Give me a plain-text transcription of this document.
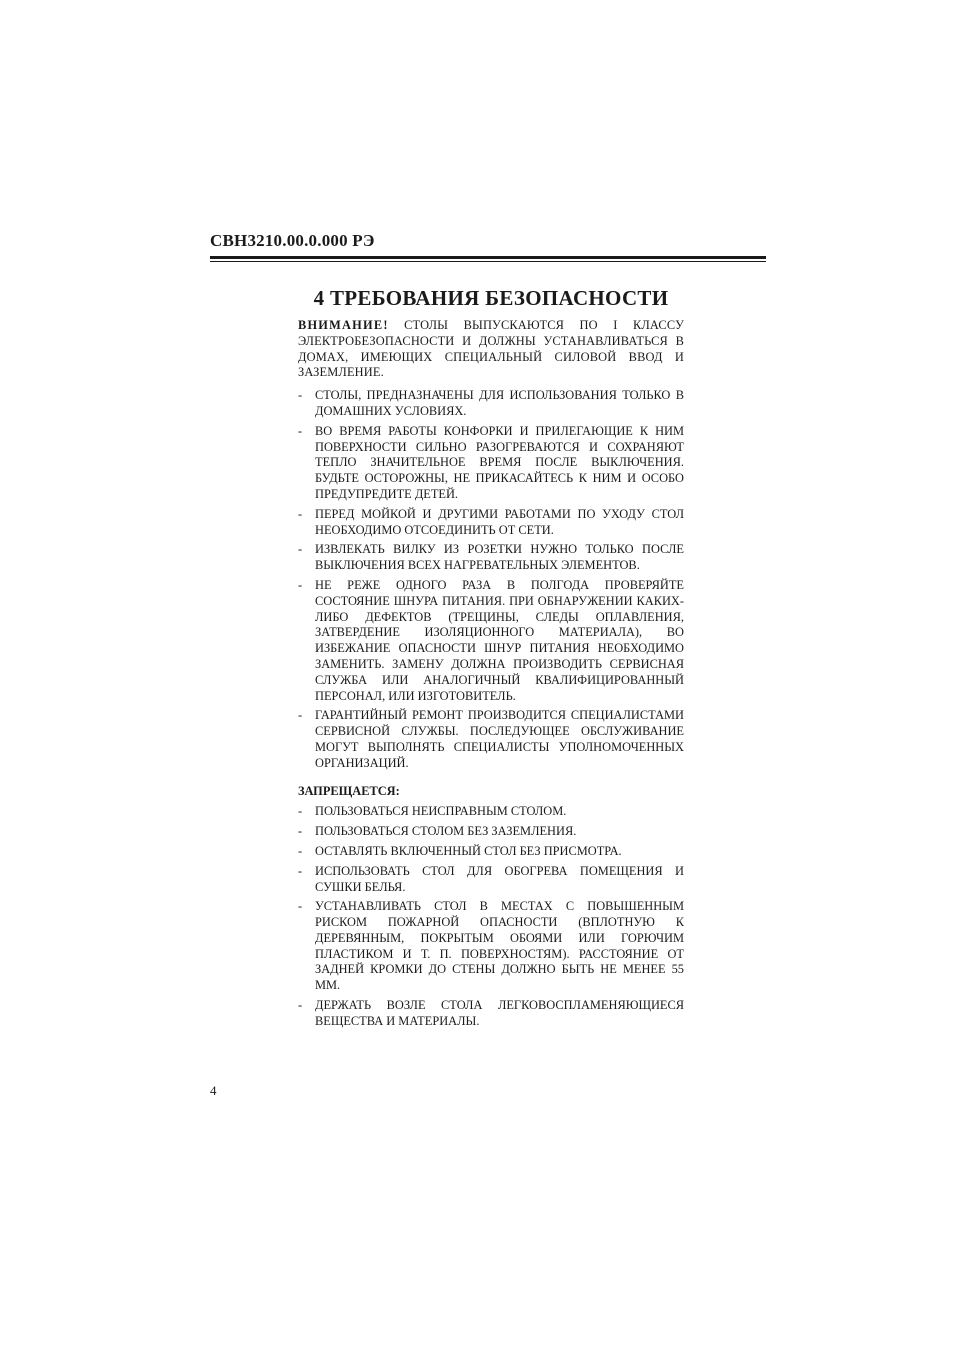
СВН3210.00.0.000 РЭ
4 ТРЕБОВАНИЯ БЕЗОПАСНОСТИ

ВНИМАНИЕ! СТОЛЫ ВЫПУСКАЮТСЯ ПО I КЛАССУ ЭЛЕКТРОБЕЗОПАСНОСТИ И ДОЛЖНЫ УСТАНАВЛИВАТЬСЯ В ДОМАХ, ИМЕЮЩИХ СПЕЦИАЛЬНЫЙ СИЛОВОЙ ВВОД И ЗАЗЕМЛЕНИЕ.

- СТОЛЫ, ПРЕДНАЗНАЧЕНЫ ДЛЯ ИСПОЛЬЗОВАНИЯ ТОЛЬКО В ДОМАШНИХ УСЛОВИЯХ.
- ВО ВРЕМЯ РАБОТЫ КОНФОРКИ И ПРИЛЕГАЮЩИЕ К НИМ ПОВЕРХНОСТИ СИЛЬНО РАЗОГРЕВАЮТСЯ И СОХРАНЯЮТ ТЕПЛО ЗНАЧИТЕЛЬНОЕ ВРЕМЯ ПОСЛЕ ВЫКЛЮЧЕНИЯ. БУДЬТЕ ОСТОРОЖНЫ, НЕ ПРИКАСАЙТЕСЬ К НИМ И ОСОБО ПРЕДУПРЕДИТЕ ДЕТЕЙ.
- ПЕРЕД МОЙКОЙ И ДРУГИМИ РАБОТАМИ ПО УХОДУ СТОЛ НЕОБХОДИМО ОТСОЕДИНИТЬ ОТ СЕТИ.
- ИЗВЛЕКАТЬ ВИЛКУ ИЗ РОЗЕТКИ НУЖНО ТОЛЬКО ПОСЛЕ ВЫКЛЮЧЕНИЯ ВСЕХ НАГРЕВАТЕЛЬНЫХ ЭЛЕМЕНТОВ.
- НЕ РЕЖЕ ОДНОГО РАЗА В ПОЛГОДА ПРОВЕРЯЙТЕ СОСТОЯНИЕ ШНУРА ПИТАНИЯ. ПРИ ОБНАРУЖЕНИИ КАКИХ-ЛИБО ДЕФЕКТОВ (ТРЕЩИНЫ, СЛЕДЫ ОПЛАВЛЕНИЯ, ЗАТВЕРДЕНИЕ ИЗОЛЯЦИОННОГО МАТЕРИАЛА), ВО ИЗБЕЖАНИЕ ОПАСНОСТИ ШНУР ПИТАНИЯ НЕОБХОДИМО ЗАМЕНИТЬ. ЗАМЕНУ ДОЛЖНА ПРОИЗВОДИТЬ СЕРВИСНАЯ СЛУЖБА ИЛИ АНАЛОГИЧНЫЙ КВАЛИФИЦИРОВАННЫЙ ПЕРСОНАЛ, ИЛИ ИЗГОТОВИТЕЛЬ.
- ГАРАНТИЙНЫЙ РЕМОНТ ПРОИЗВОДИТСЯ СПЕЦИАЛИСТАМИ СЕРВИСНОЙ СЛУЖБЫ. ПОСЛЕДУЮЩЕЕ ОБСЛУЖИВАНИЕ МОГУТ ВЫПОЛНЯТЬ СПЕЦИАЛИСТЫ УПОЛНОМОЧЕННЫХ ОРГАНИЗАЦИЙ.
ЗАПРЕЩАЕТСЯ:
- ПОЛЬЗОВАТЬСЯ НЕИСПРАВНЫМ СТОЛОМ.
- ПОЛЬЗОВАТЬСЯ СТОЛОМ БЕЗ ЗАЗЕМЛЕНИЯ.
- ОСТАВЛЯТЬ ВКЛЮЧЕННЫЙ СТОЛ БЕЗ ПРИСМОТРА.
- ИСПОЛЬЗОВАТЬ СТОЛ ДЛЯ ОБОГРЕВА ПОМЕЩЕНИЯ И СУШКИ БЕЛЬЯ.
- УСТАНАВЛИВАТЬ СТОЛ В МЕСТАХ С ПОВЫШЕННЫМ РИСКОМ ПОЖАРНОЙ ОПАСНОСТИ (ВПЛОТНУЮ К ДЕРЕВЯННЫМ, ПОКРЫТЫМ ОБОЯМИ ИЛИ ГОРЮЧИМ ПЛАСТИКОМ И Т. П. ПОВЕРХНОСТЯМ). РАССТОЯНИЕ ОТ ЗАДНЕЙ КРОМКИ ДО СТЕНЫ ДОЛЖНО БЫТЬ НЕ МЕНЕЕ 55 ММ.
- ДЕРЖАТЬ ВОЗЛЕ СТОЛА ЛЕГКОВОСПЛАМЕНЯЮЩИЕСЯ ВЕЩЕСТВА И МАТЕРИАЛЫ.
4
